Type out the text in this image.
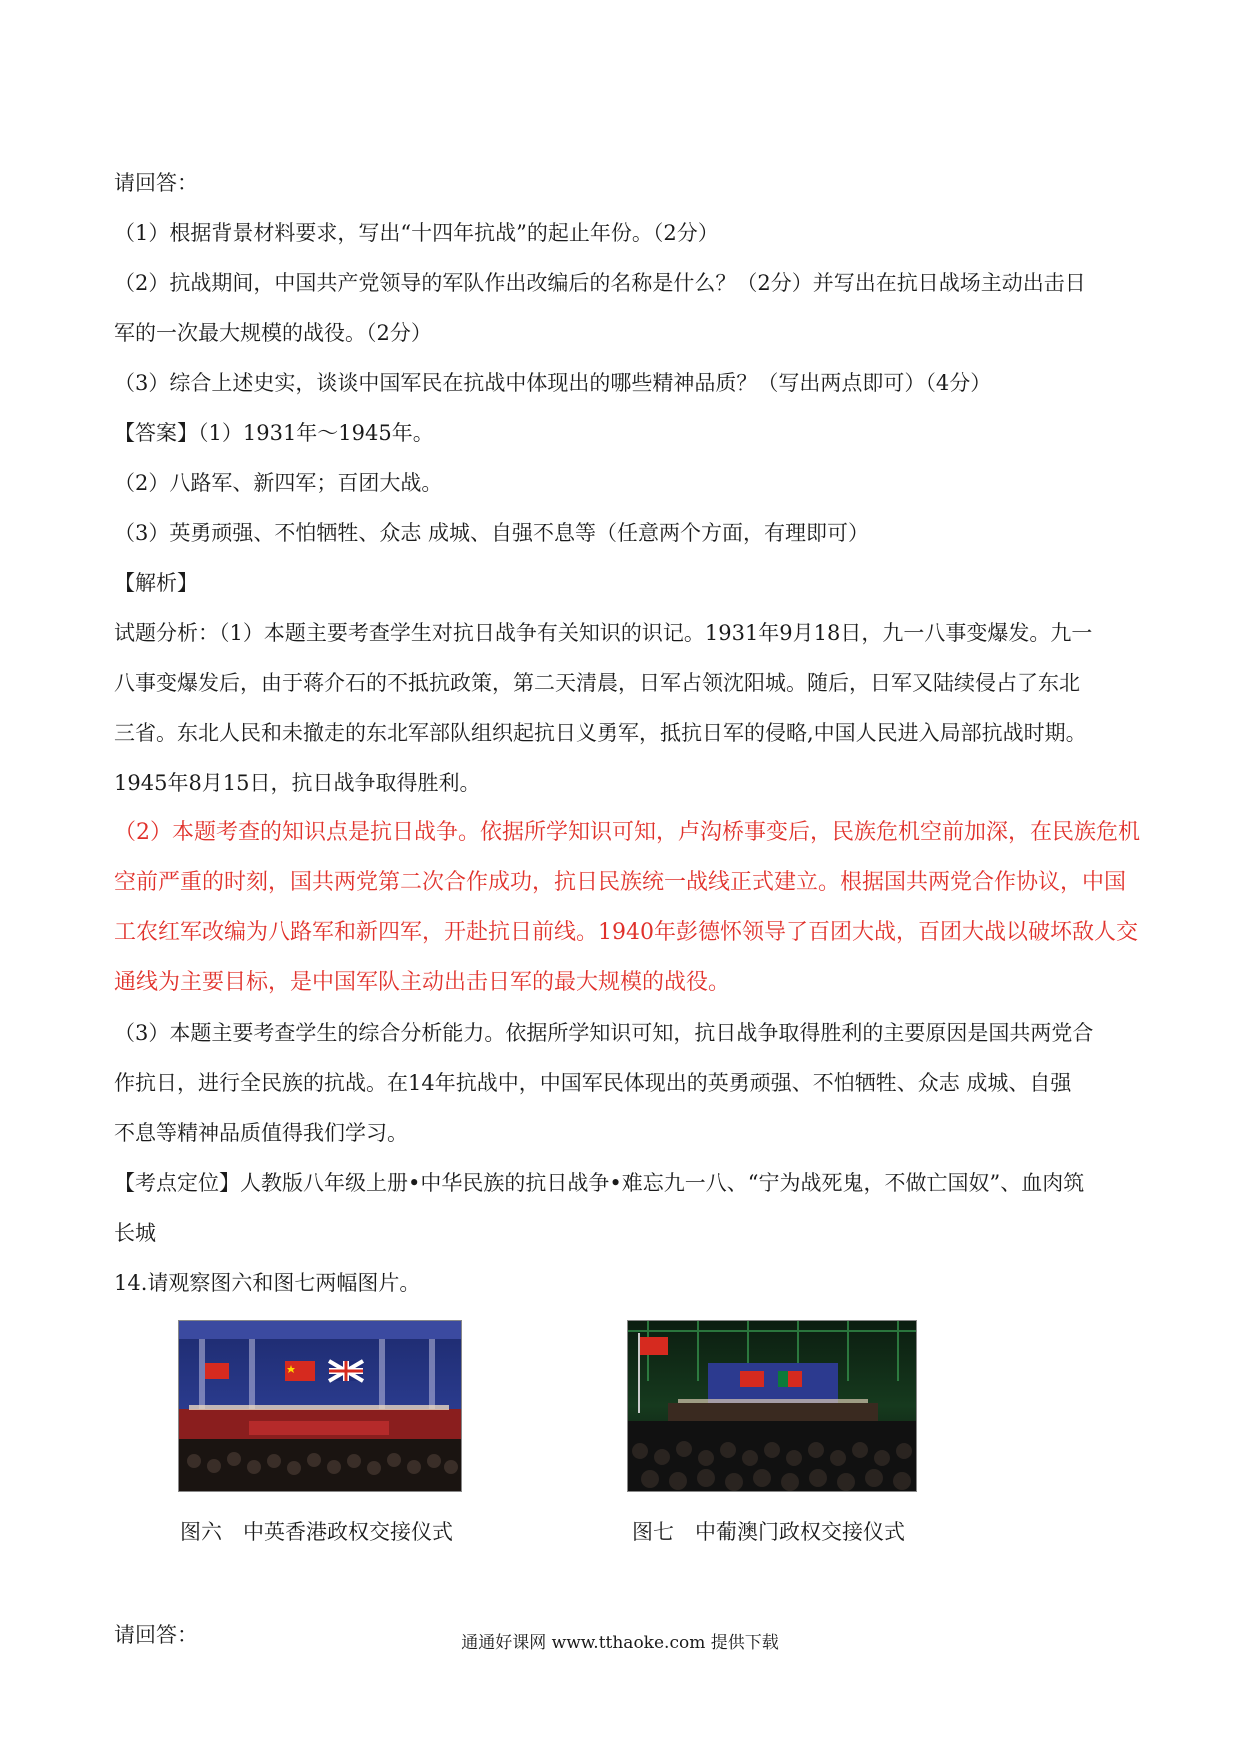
请回答：
（1）根据背景材料要求，写出“十四年抗战”的起止年份。（2分）
（2）抗战期间，中国共产党领导的军队作出改编后的名称是什么？（2分）并写出在抗日战场主动出击日
军的一次最大规模的战役。（2分）
（3）综合上述史实，谈谈中国军民在抗战中体现出的哪些精神品质？（写出两点即可）（4分）
【答案】（1）1931年～1945年。
（2）八路军、新四军；百团大战。
（3）英勇顽强、不怕牺牲、众志 成城、自强不息等（任意两个方面，有理即可）
【解析】
试题分析：（1）本题主要考查学生对抗日战争有关知识的识记。1931年9月18日，九一八事变爆发。九一
八事变爆发后，由于蒋介石的不抵抗政策，第二天清晨，日军占领沈阳城。随后，日军又陆续侵占了东北
三省。东北人民和未撤走的东北军部队组织起抗日义勇军，抵抗日军的侵略,中国人民进入局部抗战时期。
1945年8月15日，抗日战争取得胜利。
（2）本题考查的知识点是抗日战争。依据所学知识可知，卢沟桥事变后，民族危机空前加深，在民族危机
空前严重的时刻，国共两党第二次合作成功，抗日民族统一战线正式建立。根据国共两党合作协议，中国
工农红军改编为八路军和新四军，开赴抗日前线。1940年彭德怀领导了百团大战，百团大战以破坏敌人交
通线为主要目标，是中国军队主动出击日军的最大规模的战役。
（3）本题主要考查学生的综合分析能力。依据所学知识可知，抗日战争取得胜利的主要原因是国共两党合
作抗日，进行全民族的抗战。在14年抗战中，中国军民体现出的英勇顽强、不怕牺牲、众志 成城、自强
不息等精神品质值得我们学习。
【考点定位】人教版八年级上册•中华民族的抗日战争•难忘九一八、“宁为战死鬼，不做亡国奴”、血肉筑
长城
14.请观察图六和图七两幅图片。
图六　中英香港政权交接仪式	图七　中葡澳门政权交接仪式
请回答：	通通好课网 www.tthaoke.com 提供下载
